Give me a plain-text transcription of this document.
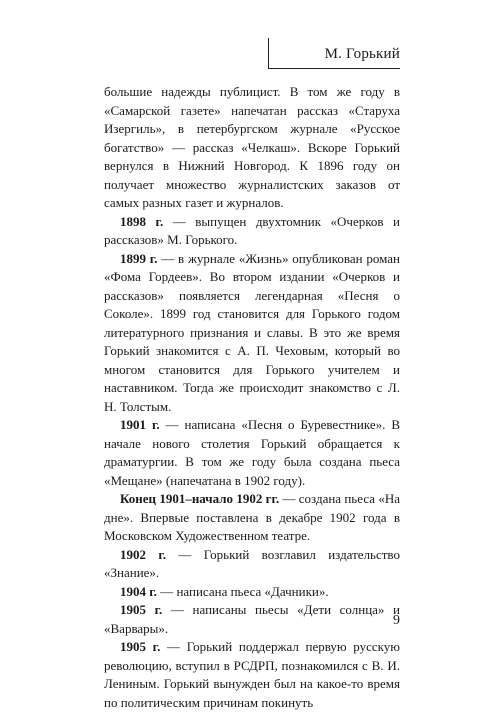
М. Горький

большие надежды публицист. В том же году в «Самарской газете» напечатан рассказ «Старуха Изергиль», в петербургском журнале «Русское богатство» — рассказ «Челкаш». Вскоре Горький вернулся в Нижний Новгород. К 1896 году он получает множество журналистских заказов от самых разных газет и журналов.

1898 г. — выпущен двухтомник «Очерков и рассказов» М. Горького.

1899 г. — в журнале «Жизнь» опубликован роман «Фома Гордеев». Во втором издании «Очерков и рассказов» появляется легендарная «Песня о Соколе». 1899 год становится для Горького годом литературного признания и славы. В это же время Горький знакомится с А. П. Чеховым, который во многом становится для Горького учителем и наставником. Тогда же происходит знакомство с Л. Н. Толстым.

1901 г. — написана «Песня о Буревестнике». В начале нового столетия Горький обращается к драматургии. В том же году была создана пьеса «Мещане» (напечатана в 1902 году).

Конец 1901–начало 1902 гг. — создана пьеса «На дне». Впервые поставлена в декабре 1902 года в Московском Художественном театре.

1902 г. — Горький возглавил издательство «Знание».

1904 г. — написана пьеса «Дачники».

1905 г. — написаны пьесы «Дети солнца» и «Варвары».

1905 г. — Горький поддержал первую русскую революцию, вступил в РСДРП, познакомился с В. И. Лениным. Горький вынужден был на какое-то время по политическим причинам покинуть

9
